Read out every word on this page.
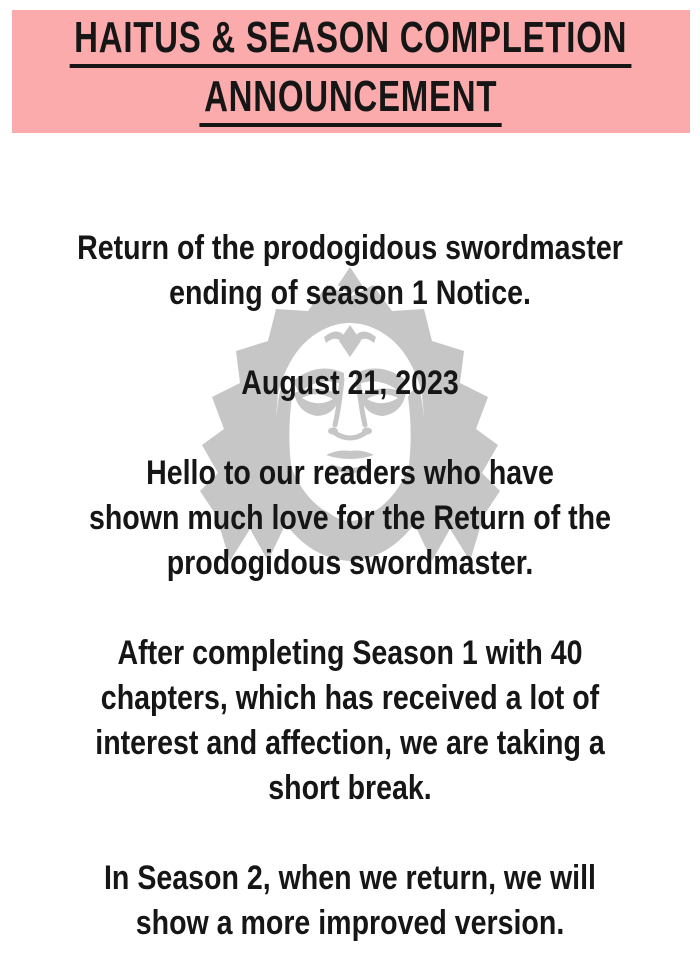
HAITUS & SEASON COMPLETION
ANNOUNCEMENT
Return of the prodogidous swordmaster
ending of season 1 Notice.
August 21, 2023
Hello to our readers who have
shown much love for the Return of the
prodogidous swordmaster.
After completing Season 1 with 40
chapters, which has received a lot of
interest and affection, we are taking a
short break.
In Season 2, when we return, we will
show a more improved version.
